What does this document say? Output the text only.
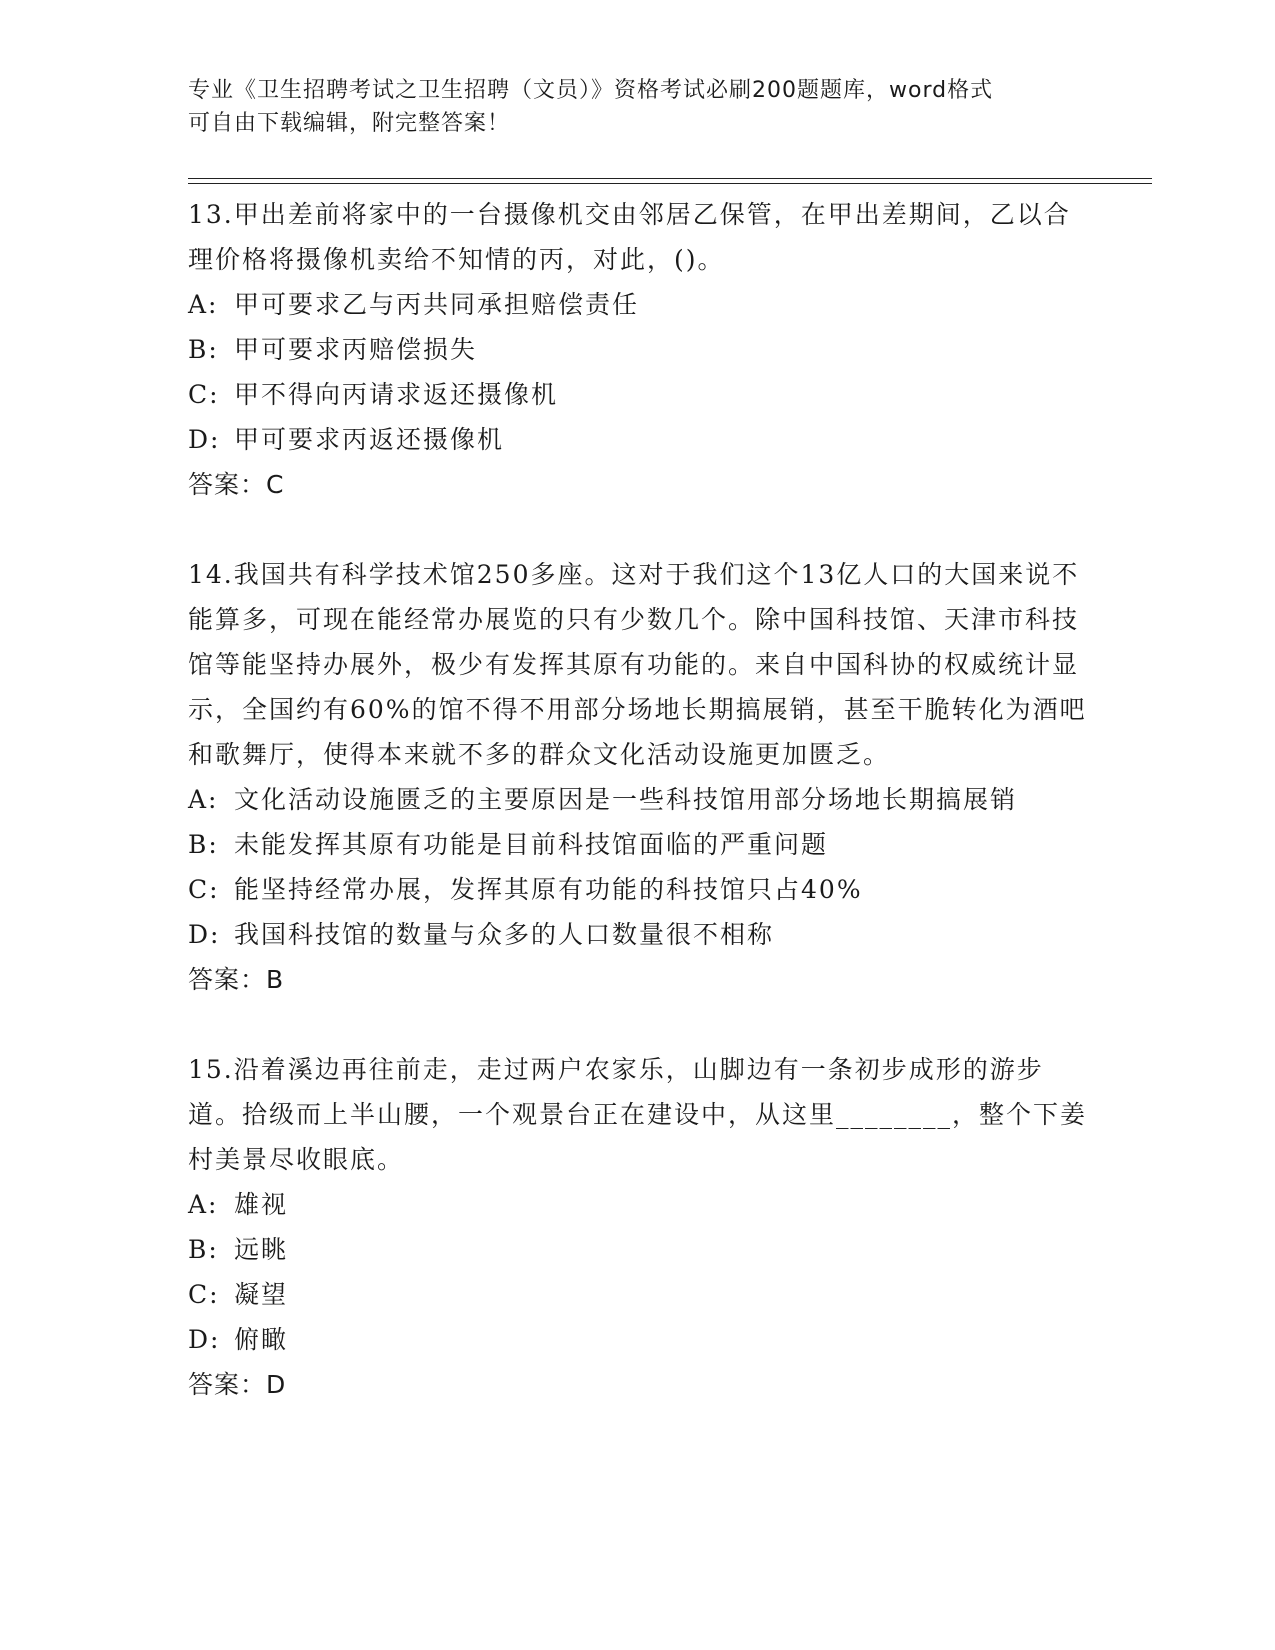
专业《卫生招聘考试之卫生招聘（文员）》资格考试必刷200题题库，word格式
可自由下载编辑，附完整答案！

13.甲出差前将家中的一台摄像机交由邻居乙保管，在甲出差期间，乙以合理价格将摄像机卖给不知情的丙，对此，()。

A: 甲可要求乙与丙共同承担赔偿责任

B: 甲可要求丙赔偿损失

C: 甲不得向丙请求返还摄像机

D: 甲可要求丙返还摄像机

答案：C

14.我国共有科学技术馆250多座。这对于我们这个13亿人口的大国来说不能算多，可现在能经常办展览的只有少数几个。除中国科技馆、天津市科技馆等能坚持办展外，极少有发挥其原有功能的。来自中国科协的权威统计显示，全国约有60%的馆不得不用部分场地长期搞展销，甚至干脆转化为酒吧和歌舞厅，使得本来就不多的群众文化活动设施更加匮乏。

A: 文化活动设施匮乏的主要原因是一些科技馆用部分场地长期搞展销

B: 未能发挥其原有功能是目前科技馆面临的严重问题

C: 能坚持经常办展，发挥其原有功能的科技馆只占40%

D: 我国科技馆的数量与众多的人口数量很不相称

答案：B

15.沿着溪边再往前走，走过两户农家乐，山脚边有一条初步成形的游步道。拾级而上半山腰，一个观景台正在建设中，从这里________，整个下姜村美景尽收眼底。

A: 雄视

B: 远眺

C: 凝望

D: 俯瞰

答案：D
